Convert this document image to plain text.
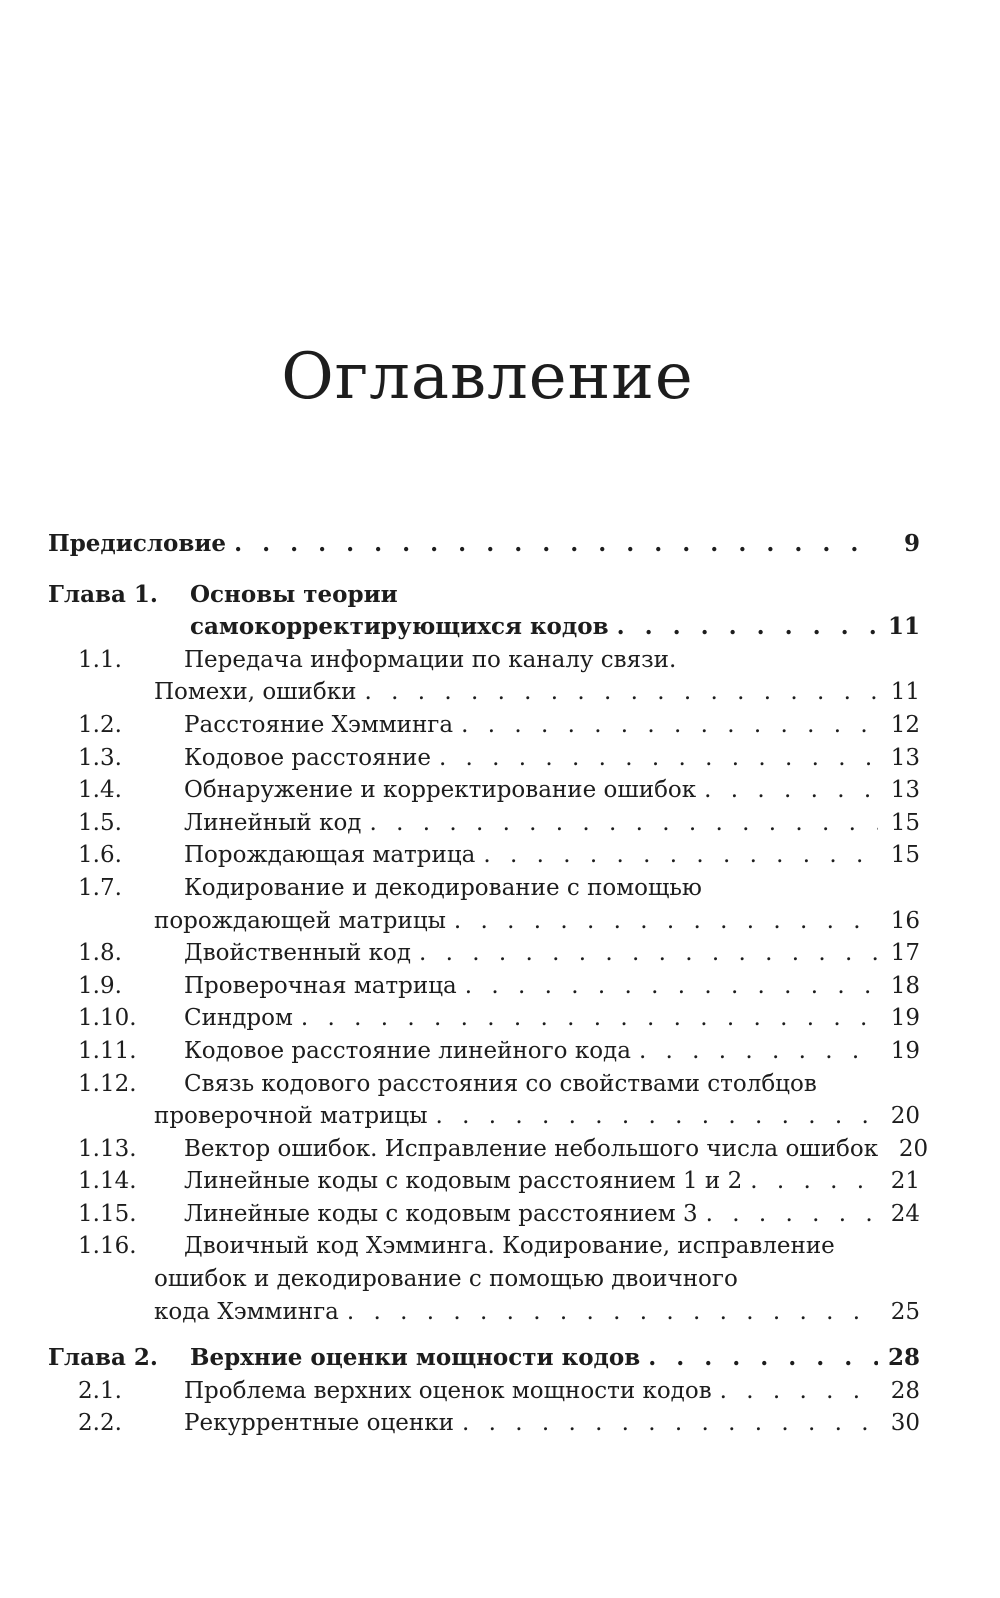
Оглавление
Предисловие . . .	9
Глава 1.	Основы теории
самокорректирующихся кодов . . .	11
1.1.	Передача информации по каналу связи.
Помехи, ошибки . . .	11
1.2.	Расстояние Хэмминга . . .	12
1.3.	Кодовое расстояние . . .	13
1.4.	Обнаружение и корректирование ошибок . . .	13
1.5.	Линейный код . . .	15
1.6.	Порождающая матрица . . .	15
1.7.	Кодирование и декодирование с помощью
порождающей матрицы . . .	16
1.8.	Двойственный код . . .	17
1.9.	Проверочная матрица . . .	18
1.10.	Синдром . . .	19
1.11.	Кодовое расстояние линейного кода . . .	19
1.12.	Связь кодового расстояния со свойствами столбцов
проверочной матрицы . . .	20
1.13.	Вектор ошибок. Исправление небольшого числа ошибок 20
1.14.	Линейные коды с кодовым расстоянием 1 и 2 . . .	21
1.15.	Линейные коды с кодовым расстоянием 3 . . .	24
1.16.	Двоичный код Хэмминга. Кодирование, исправление
ошибок и декодирование с помощью двоичного
кода Хэмминга . . .	25
Глава 2.	Верхние оценки мощности кодов . . .	28
2.1.	Проблема верхних оценок мощности кодов . . .	28
2.2.	Рекуррентные оценки . . .	30
